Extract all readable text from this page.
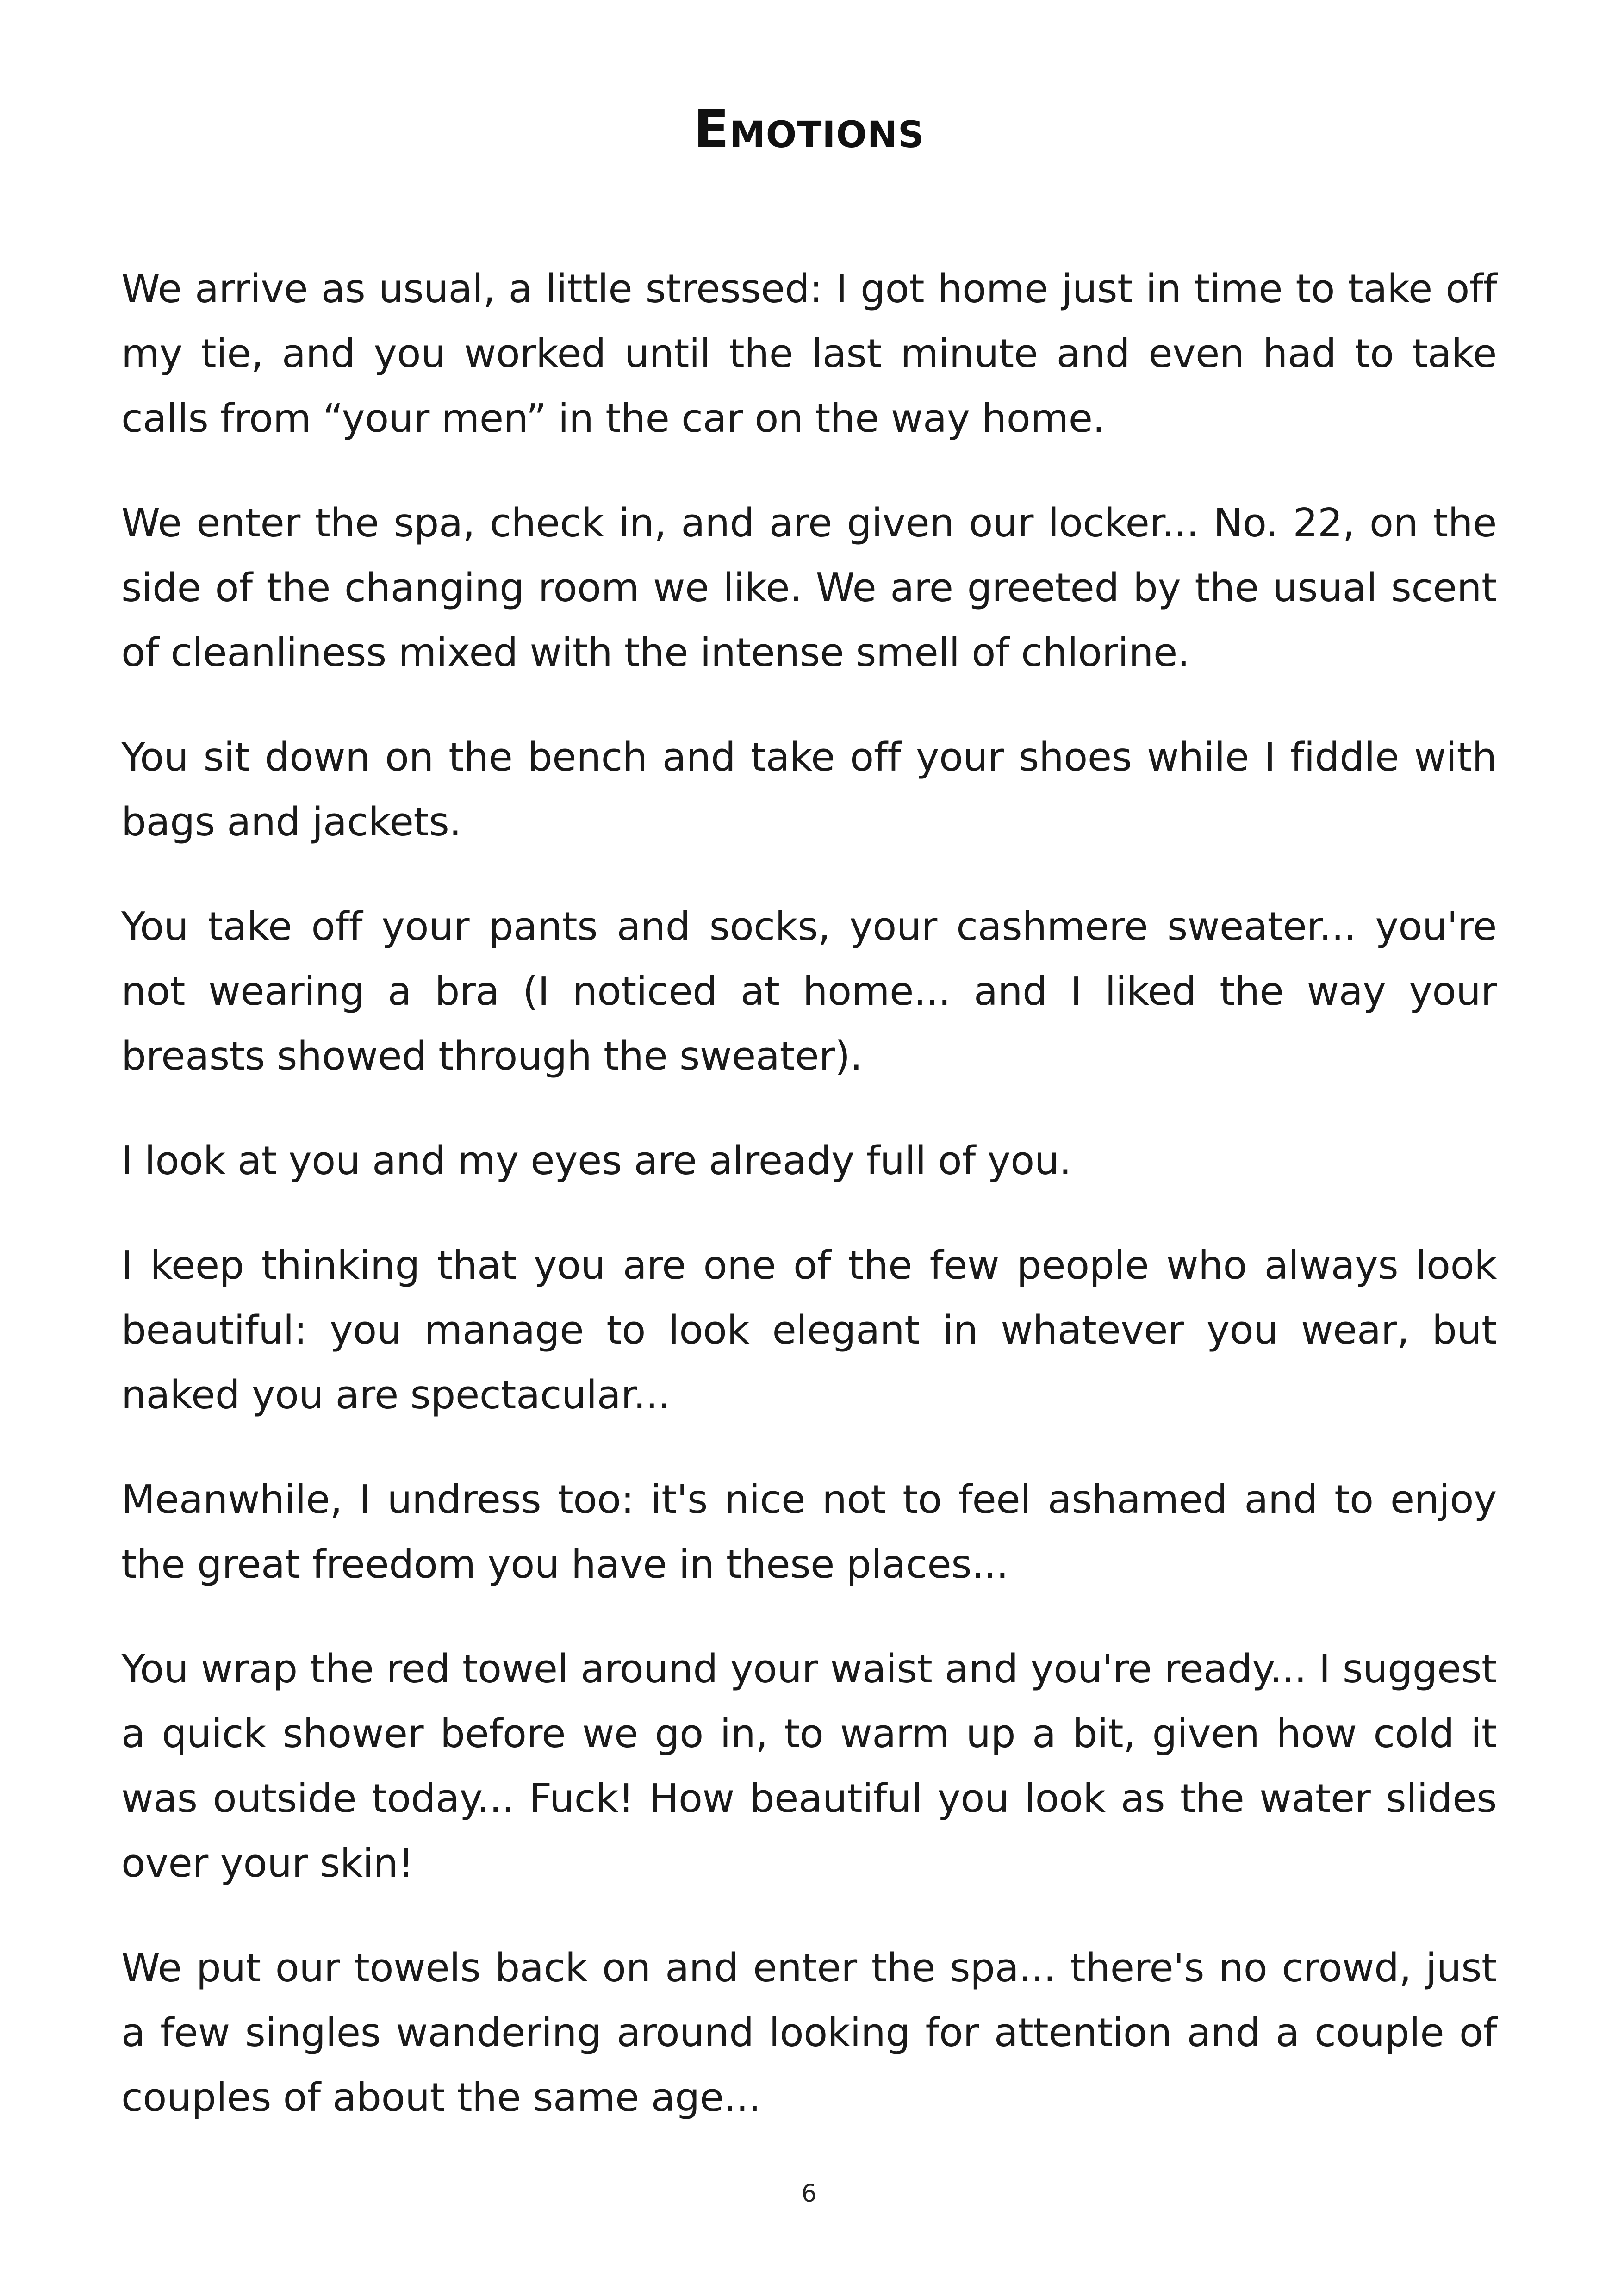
Emotions

We arrive as usual, a little stressed: I got home just in time to take off my tie, and you worked until the last minute and even had to take calls from “your men” in the car on the way home.

We enter the spa, check in, and are given our locker... No. 22, on the side of the changing room we like. We are greeted by the usual scent of cleanliness mixed with the intense smell of chlorine.

You sit down on the bench and take off your shoes while I fiddle with bags and jackets.

You take off your pants and socks, your cashmere sweater... you're not wearing a bra (I noticed at home... and I liked the way your breasts showed through the sweater).

I look at you and my eyes are already full of you.

I keep thinking that you are one of the few people who always look beautiful: you manage to look elegant in whatever you wear, but naked you are spectacular...

Meanwhile, I undress too: it's nice not to feel ashamed and to enjoy the great freedom you have in these places...

You wrap the red towel around your waist and you're ready... I suggest a quick shower before we go in, to warm up a bit, given how cold it was outside today... Fuck! How beautiful you look as the water slides over your skin!

We put our towels back on and enter the spa... there's no crowd, just a few singles wandering around looking for attention and a couple of couples of about the same age...

6
